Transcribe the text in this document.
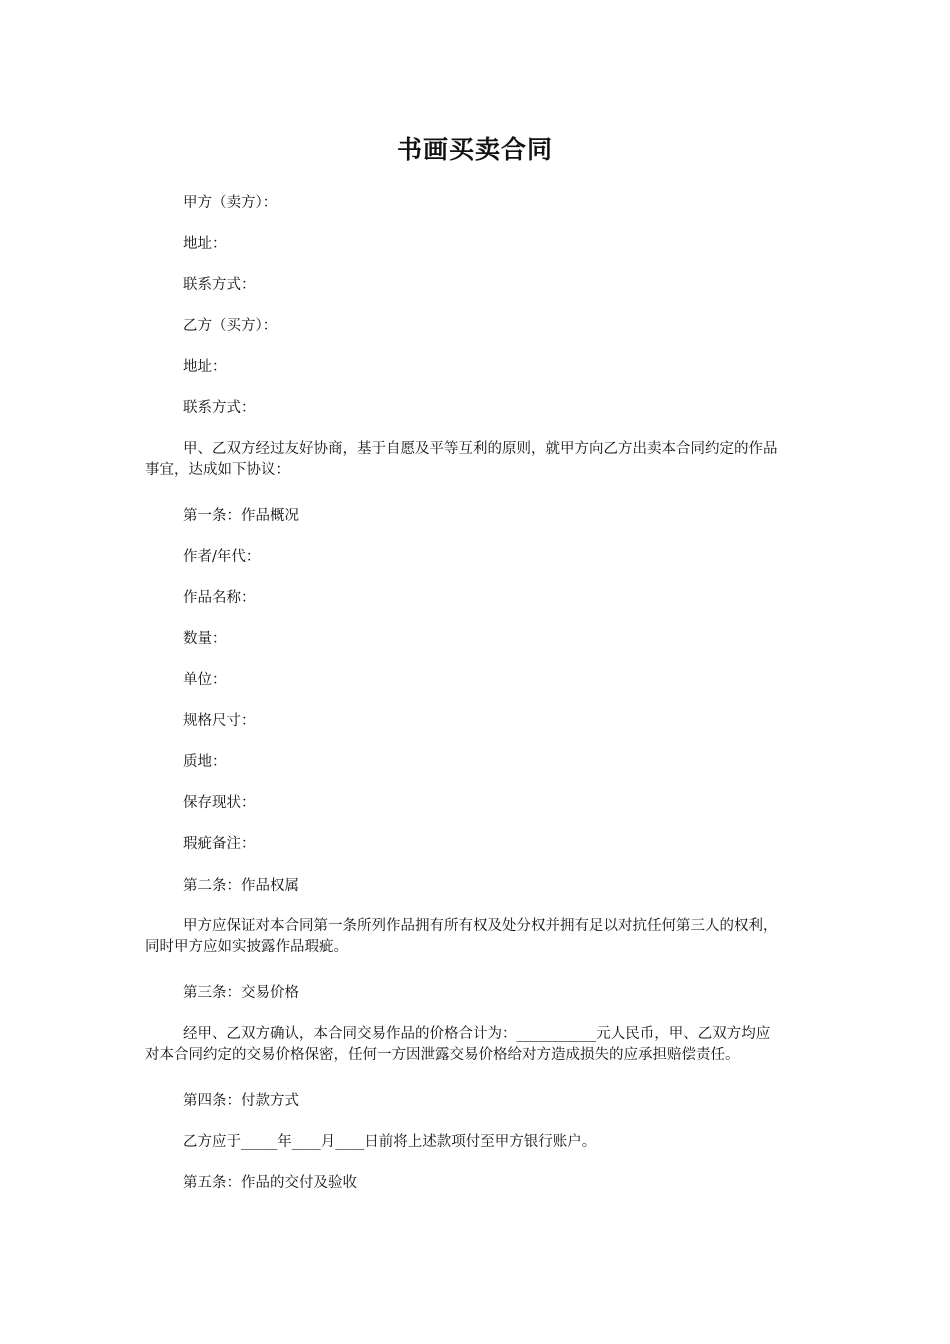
书画买卖合同
甲方（卖方）：
地址：
联系方式：
乙方（买方）：
地址：
联系方式：
甲、乙双方经过友好协商，基于自愿及平等互利的原则，就甲方向乙方出卖本合同约定的作品
事宜，达成如下协议：
第一条：作品概况
作者/年代：
作品名称：
数量：
单位：
规格尺寸：
质地：
保存现状：
瑕疵备注：
第二条：作品权属
甲方应保证对本合同第一条所列作品拥有所有权及处分权并拥有足以对抗任何第三人的权利，
同时甲方应如实披露作品瑕疵。
第三条：交易价格
经甲、乙双方确认，本合同交易作品的价格合计为：___________元人民币，甲、乙双方均应
对本合同约定的交易价格保密，任何一方因泄露交易价格给对方造成损失的应承担赔偿责任。
第四条：付款方式
乙方应于_____年____月____日前将上述款项付至甲方银行账户。
第五条：作品的交付及验收
